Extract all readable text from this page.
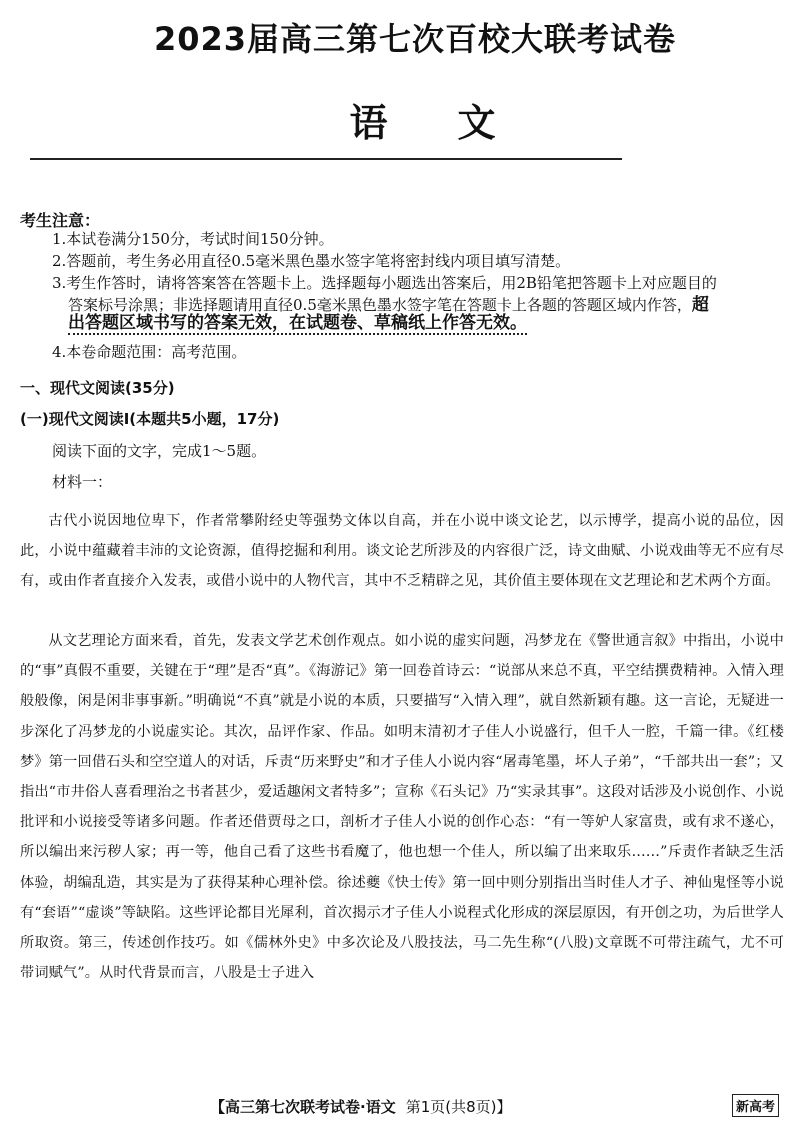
2023届高三第七次百校大联考试卷
语文
考生注意：
1.本试卷满分150分，考试时间150分钟。
2.答题前，考生务必用直径0.5毫米黑色墨水签字笔将密封线内项目填写清楚。
3.考生作答时，请将答案答在答题卡上。选择题每小题选出答案后，用2B铅笔把答题卡上对应题目的
答案标号涂黑；非选择题请用直径0.5毫米黑色墨水签字笔在答题卡上各题的答题区域内作答，超
出答题区域书写的答案无效，在试题卷、草稿纸上作答无效。
4.本卷命题范围：高考范围。
一、现代文阅读(35分)
(一)现代文阅读Ⅰ(本题共5小题，17分)
阅读下面的文字，完成1～5题。
材料一：
古代小说因地位卑下，作者常攀附经史等强势文体以自高，并在小说中谈文论艺，以示博学，提高小说的品位，因此，小说中蕴藏着丰沛的文论资源，值得挖掘和利用。谈文论艺所涉及的内容很广泛，诗文曲赋、小说戏曲等无不应有尽有，或由作者直接介入发表，或借小说中的人物代言，其中不乏精辟之见，其价值主要体现在文艺理论和艺术两个方面。
从文艺理论方面来看，首先，发表文学艺术创作观点。如小说的虚实问题，冯梦龙在《警世通言叙》中指出，小说中的“事”真假不重要，关键在于“理”是否“真”。《海游记》第一回卷首诗云：“说部从来总不真，平空结撰费精神。入情入理般般像，闲是闲非事事新。”明确说“不真”就是小说的本质，只要描写“入情入理”，就自然新颖有趣。这一言论，无疑进一步深化了冯梦龙的小说虚实论。其次，品评作家、作品。如明末清初才子佳人小说盛行，但千人一腔，千篇一律。《红楼梦》第一回借石头和空空道人的对话，斥责“历来野史”和才子佳人小说内容“屠毒笔墨，坏人子弟”，“千部共出一套”；又指出“市井俗人喜看理治之书者甚少，爱适趣闲文者特多”；宣称《石头记》乃“实录其事”。这段对话涉及小说创作、小说批评和小说接受等诸多问题。作者还借贾母之口，剖析才子佳人小说的创作心态：“有一等妒人家富贵，或有求不遂心，所以编出来污秽人家；再一等，他自己看了这些书看魔了，他也想一个佳人，所以编了出来取乐……”斥责作者缺乏生活体验，胡编乱造，其实是为了获得某种心理补偿。徐述夔《快士传》第一回中则分别指出当时佳人才子、神仙鬼怪等小说有“套语”“虚谈”等缺陷。这些评论都目光犀利，首次揭示才子佳人小说程式化形成的深层原因，有开创之功，为后世学人所取资。第三，传述创作技巧。如《儒林外史》中多次论及八股技法，马二先生称“(八股)文章既不可带注疏气，尤不可带词赋气”。从时代背景而言，八股是士子进入
【高三第七次联考试卷·语文 第1页(共8页)】	新高考
